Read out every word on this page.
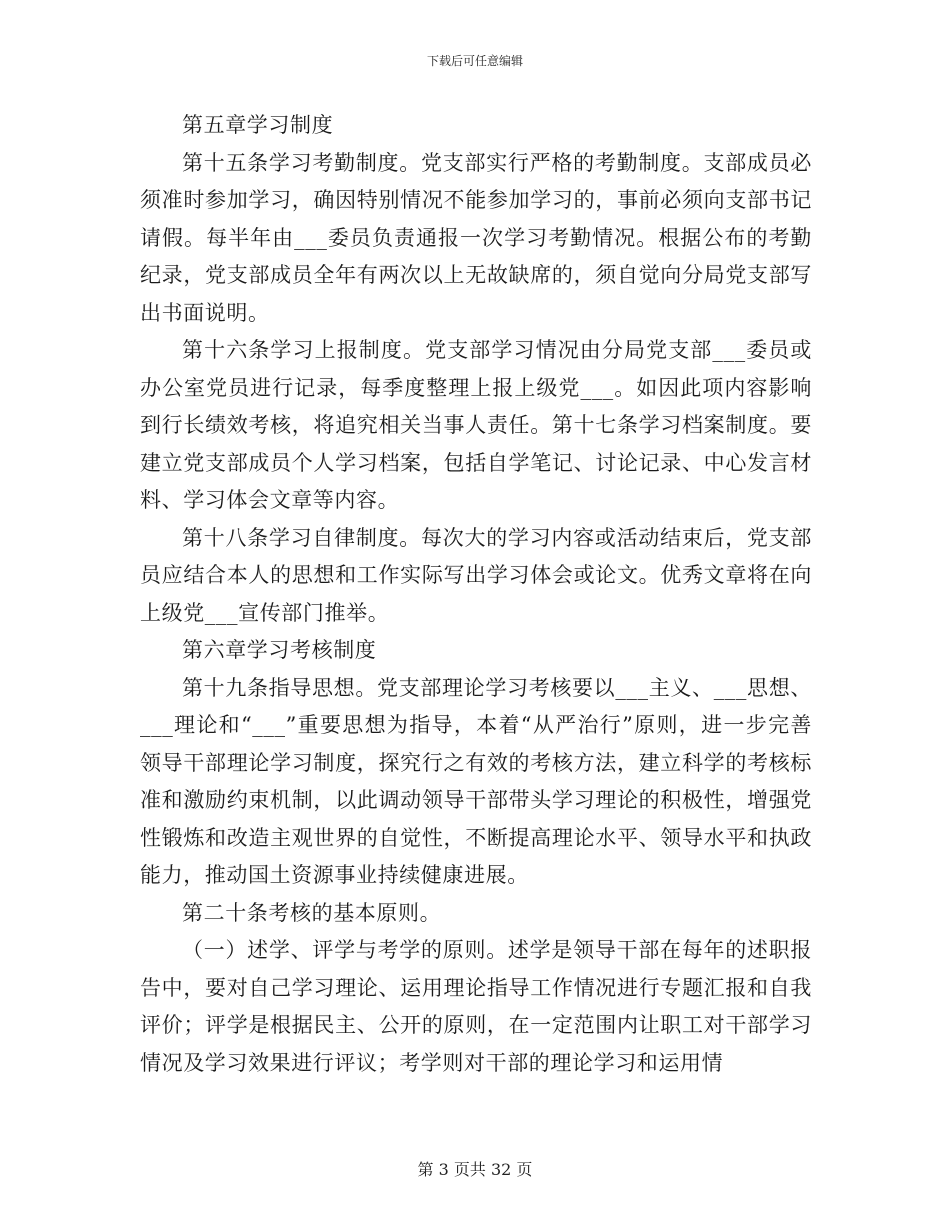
下载后可任意编辑

第五章学习制度

第十五条学习考勤制度。党支部实行严格的考勤制度。支部成员必须准时参加学习，确因特别情况不能参加学习的，事前必须向支部书记请假。每半年由___委员负责通报一次学习考勤情况。根据公布的考勤纪录，党支部成员全年有两次以上无故缺席的，须自觉向分局党支部写出书面说明。

第十六条学习上报制度。党支部学习情况由分局党支部___委员或办公室党员进行记录，每季度整理上报上级党___。如因此项内容影响到行长绩效考核，将追究相关当事人责任。第十七条学习档案制度。要建立党支部成员个人学习档案，包括自学笔记、讨论记录、中心发言材料、学习体会文章等内容。

第十八条学习自律制度。每次大的学习内容或活动结束后，党支部员应结合本人的思想和工作实际写出学习体会或论文。优秀文章将在向上级党___宣传部门推举。

第六章学习考核制度

第十九条指导思想。党支部理论学习考核要以___主义、___思想、___理论和“___”重要思想为指导，本着“从严治行”原则，进一步完善领导干部理论学习制度，探究行之有效的考核方法，建立科学的考核标准和激励约束机制，以此调动领导干部带头学习理论的积极性，增强党性锻炼和改造主观世界的自觉性，不断提高理论水平、领导水平和执政能力，推动国土资源事业持续健康进展。

第二十条考核的基本原则。

（一）述学、评学与考学的原则。述学是领导干部在每年的述职报告中，要对自己学习理论、运用理论指导工作情况进行专题汇报和自我评价；评学是根据民主、公开的原则，在一定范围内让职工对干部学习情况及学习效果进行评议；考学则对干部的理论学习和运用情

第 3 页共 32 页
